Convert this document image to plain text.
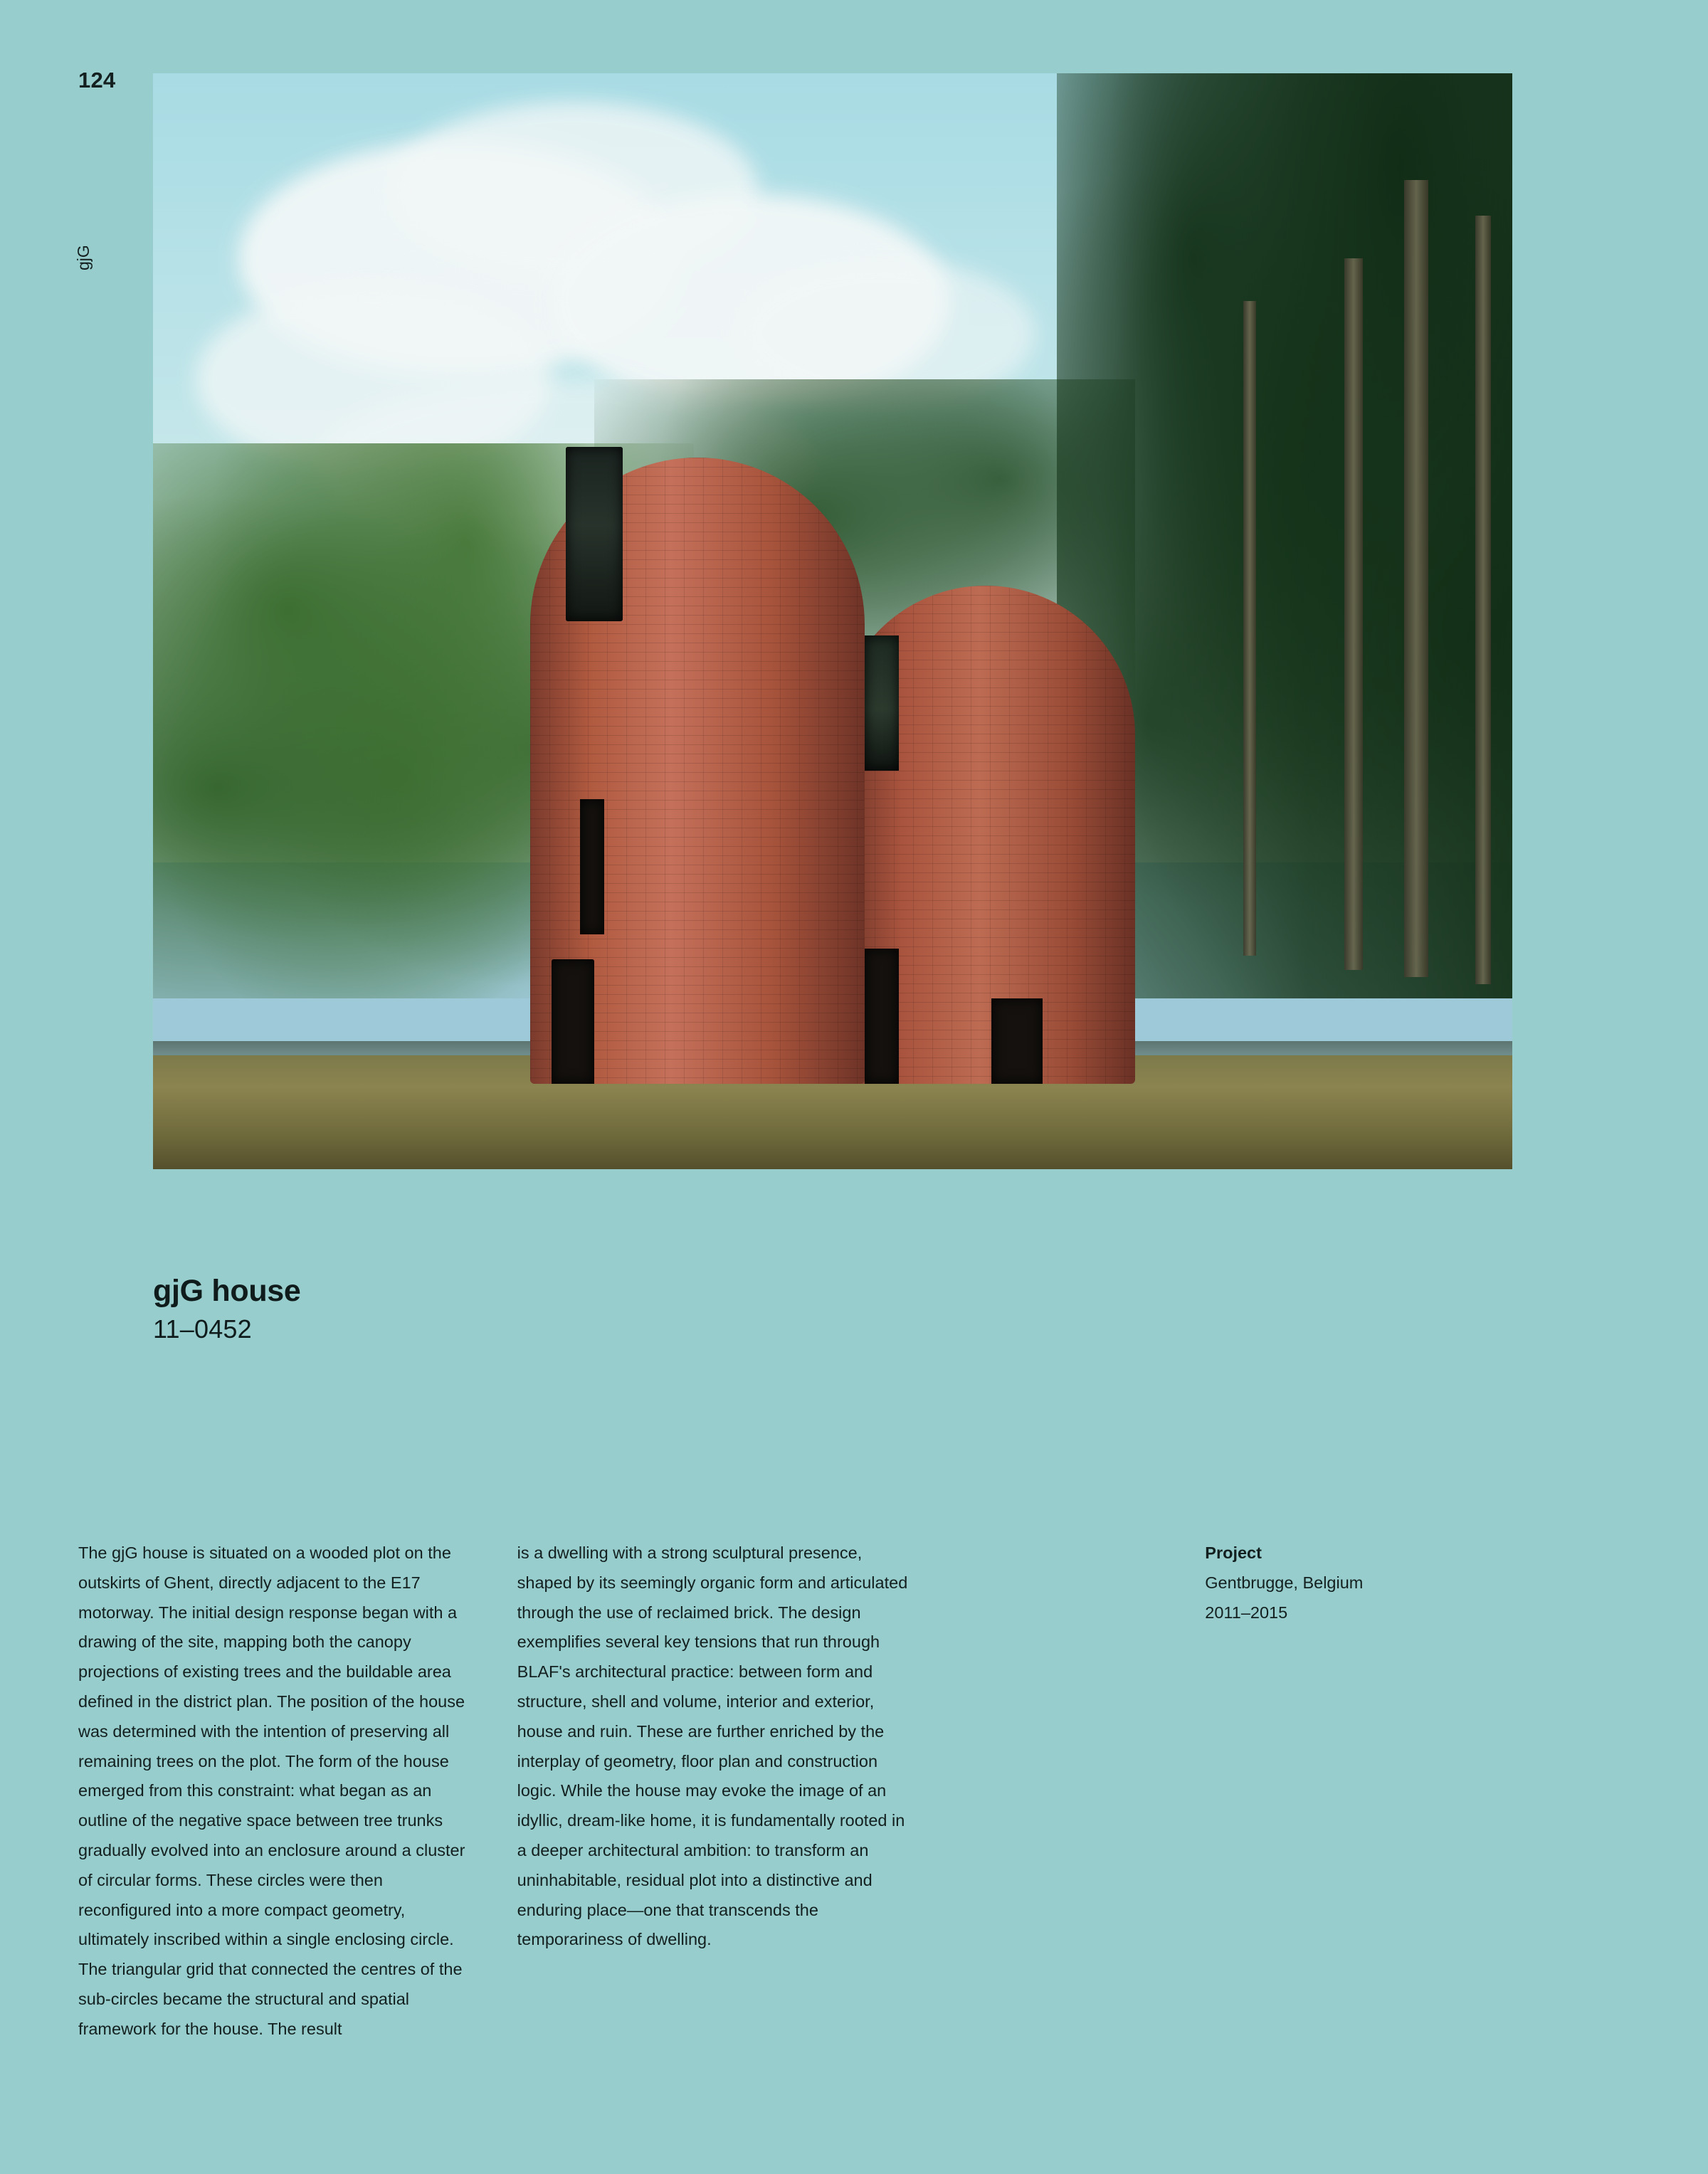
124
gjG
gjG house

11–0452

The gjG house is situated on a wooded plot on the outskirts of Ghent, directly adjacent to the E17 motorway. The initial design response began with a drawing of the site, mapping both the canopy projections of existing trees and the buildable area defined in the district plan. The position of the house was determined with the intention of preserving all remaining trees on the plot. The form of the house emerged from this constraint: what began as an outline of the negative space between tree trunks gradually evolved into an enclosure around a cluster of circular forms. These circles were then reconfigured into a more compact geometry, ultimately inscribed within a single enclosing circle. The triangular grid that connected the centres of the sub-circles became the structural and spatial framework for the house. The result

is a dwelling with a strong sculptural presence, shaped by its seemingly organic form and articulated through the use of reclaimed brick. The design exemplifies several key tensions that run through BLAF's architectural practice: between form and structure, shell and volume, interior and exterior, house and ruin. These are further enriched by the interplay of geometry, floor plan and construction logic. While the house may evoke the image of an idyllic, dream-like home, it is fundamentally rooted in a deeper architectural ambition: to transform an uninhabitable, residual plot into a distinctive and enduring place—one that transcends the temporariness of dwelling.

Project

Gentbrugge, Belgium

2011–2015
